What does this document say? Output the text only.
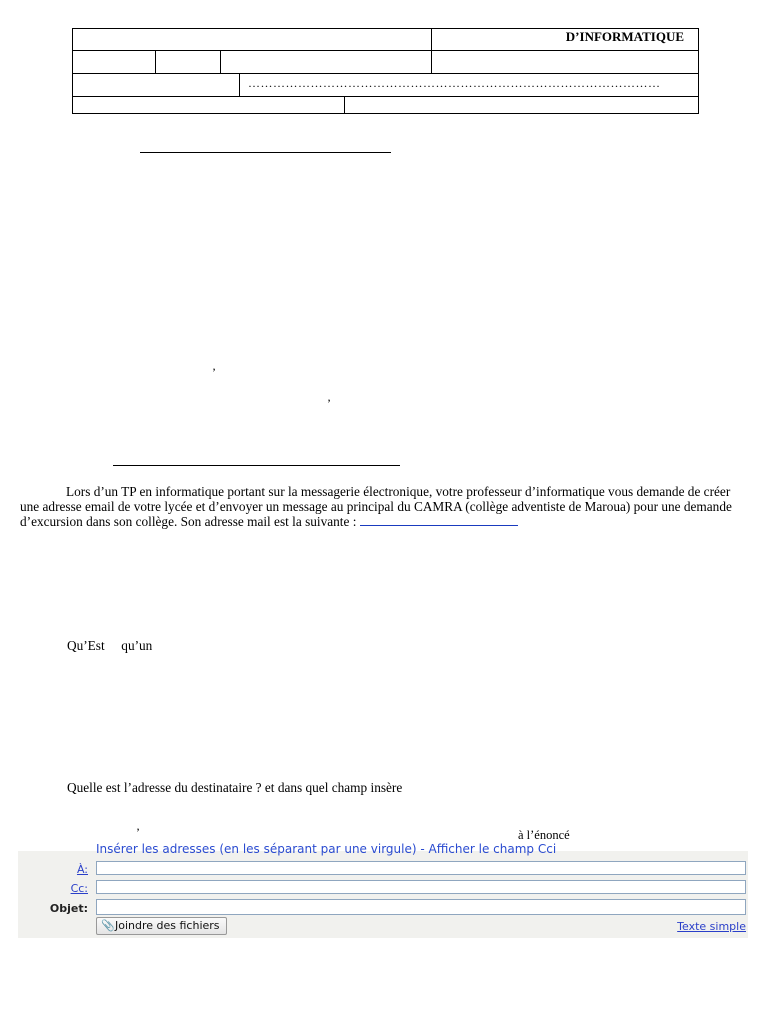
D’INFORMATIQUE
………………………………………………………………………………………
’
’
’
Lors d’un TP en informatique portant sur la messagerie électronique, votre professeur d’informatique vous demande de créer une adresse email de votre lycée et d’envoyer un message au principal du CAMRA (collège adventiste de Maroua) pour une demande d’excursion dans son collège. Son adresse mail est la suivante :
Qu’Est     qu’un
Quelle est l’adresse du destinataire ? et dans quel champ insère
à l’énoncé
Insérer les adresses (en les séparant par une virgule) - Afficher le champ Cci
À:
Cc:
Objet:
📎Joindre des fichiers	Texte simple
